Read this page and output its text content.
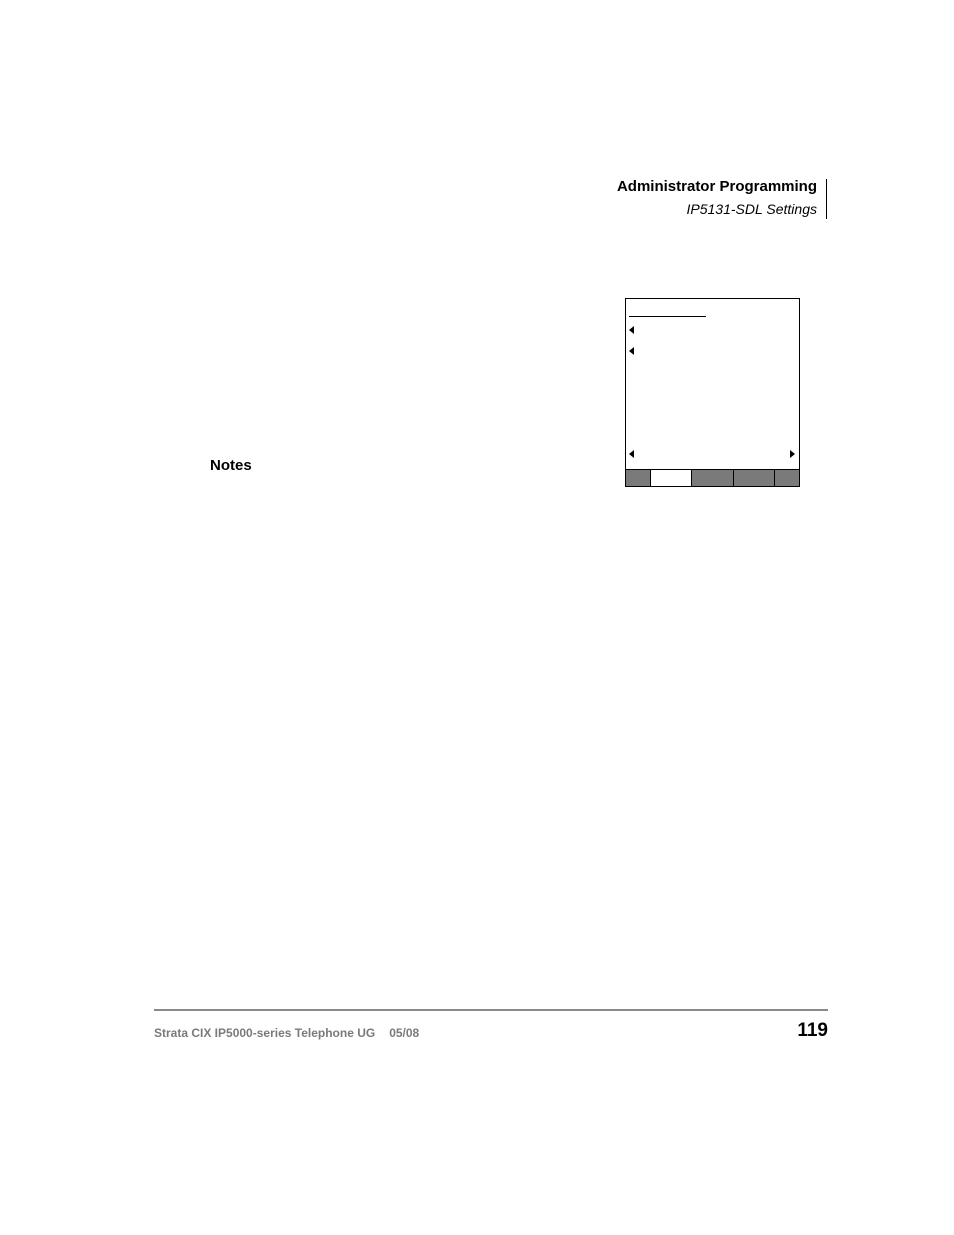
Administrator Programming
IP5131-SDL Settings
Notes
Strata CIX IP5000-series Telephone UG 05/08	119
